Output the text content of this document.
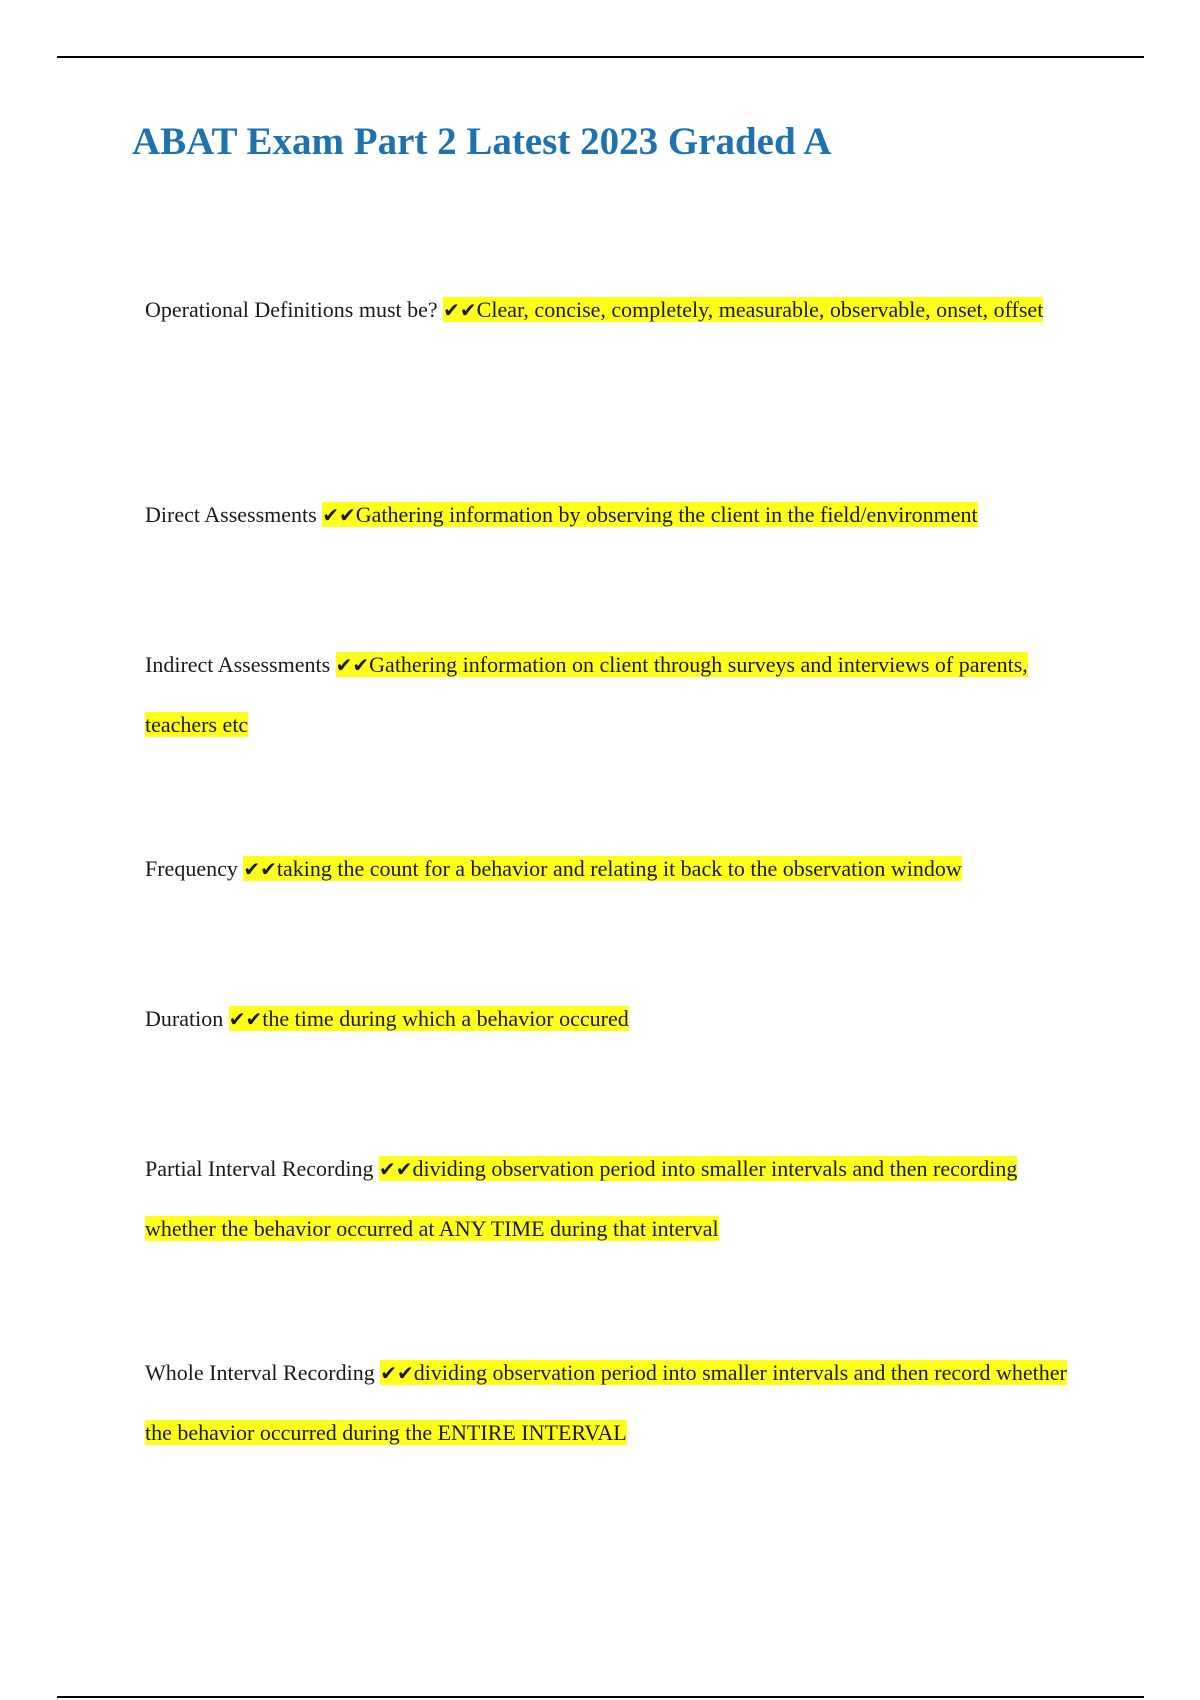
ABAT Exam Part 2 Latest 2023 Graded A

Operational Definitions must be? ✔✔Clear, concise, completely, measurable, observable, onset, offset

Direct Assessments ✔✔Gathering information by observing the client in the field/environment

Indirect Assessments ✔✔Gathering information on client through surveys and interviews of parents, teachers etc

Frequency ✔✔taking the count for a behavior and relating it back to the observation window

Duration ✔✔the time during which a behavior occured

Partial Interval Recording ✔✔dividing observation period into smaller intervals and then recording whether the behavior occurred at ANY TIME during that interval

Whole Interval Recording ✔✔dividing observation period into smaller intervals and then record whether the behavior occurred during the ENTIRE INTERVAL
